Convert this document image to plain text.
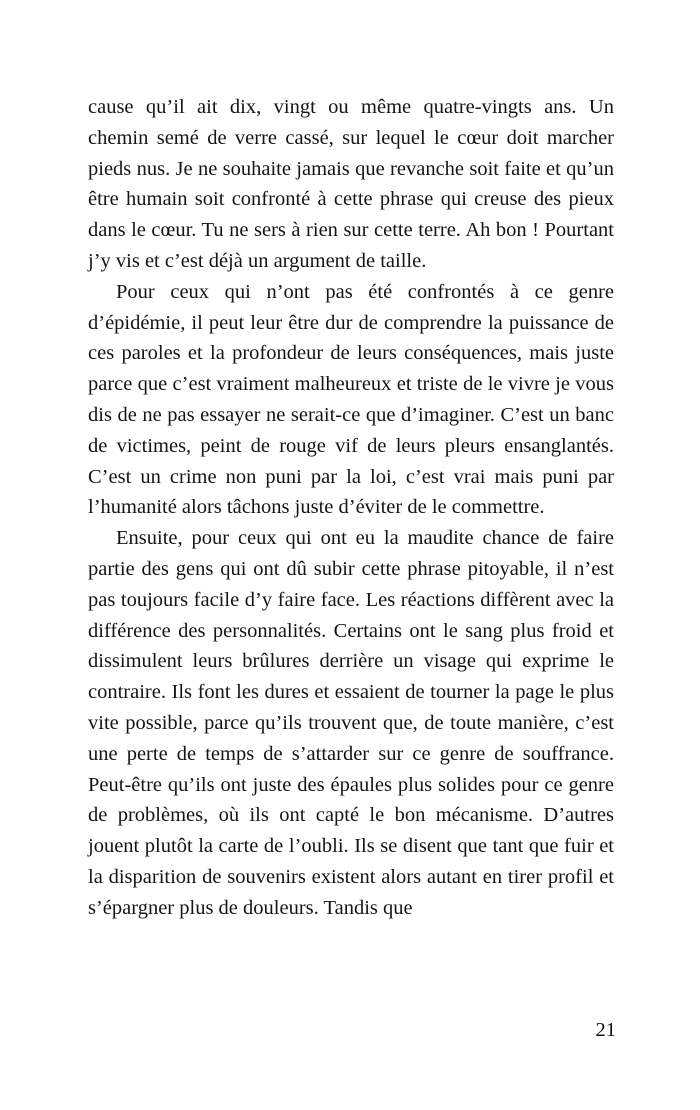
cause qu’il ait dix, vingt ou même quatre-vingts ans. Un chemin semé de verre cassé, sur lequel le cœur doit marcher pieds nus. Je ne souhaite jamais que revanche soit faite et qu’un être humain soit confronté à cette phrase qui creuse des pieux dans le cœur. Tu ne sers à rien sur cette terre. Ah bon ! Pourtant j’y vis et c’est déjà un argument de taille.

Pour ceux qui n’ont pas été confrontés à ce genre d’épidémie, il peut leur être dur de comprendre la puissance de ces paroles et la profondeur de leurs conséquences, mais juste parce que c’est vraiment malheureux et triste de le vivre je vous dis de ne pas essayer ne serait-ce que d’imaginer. C’est un banc de victimes, peint de rouge vif de leurs pleurs ensanglantés. C’est un crime non puni par la loi, c’est vrai mais puni par l’humanité alors tâchons juste d’éviter de le commettre.

Ensuite, pour ceux qui ont eu la maudite chance de faire partie des gens qui ont dû subir cette phrase pitoyable, il n’est pas toujours facile d’y faire face. Les réactions diffèrent avec la différence des personnalités. Certains ont le sang plus froid et dissimulent leurs brûlures derrière un visage qui exprime le contraire. Ils font les dures et essaient de tourner la page le plus vite possible, parce qu’ils trouvent que, de toute manière, c’est une perte de temps de s’attarder sur ce genre de souffrance. Peut-être qu’ils ont juste des épaules plus solides pour ce genre de problèmes, où ils ont capté le bon mécanisme. D’autres jouent plutôt la carte de l’oubli. Ils se disent que tant que fuir et la disparition de souvenirs existent alors autant en tirer profil et s’épargner plus de douleurs. Tandis que

21
